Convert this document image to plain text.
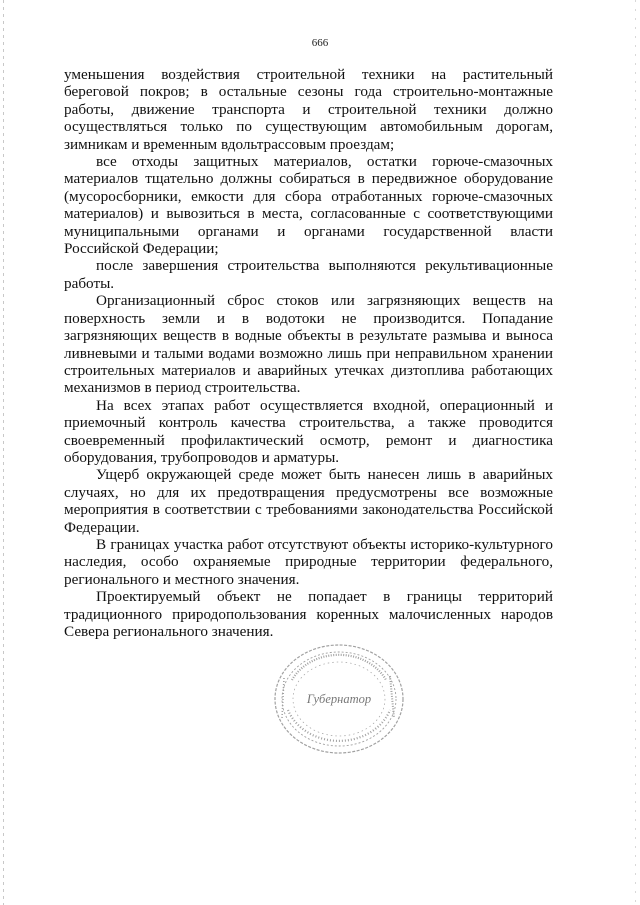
666

уменьшения воздействия строительной техники на растительный береговой покров; в остальные сезоны года строительно-монтажные работы, движение транспорта и строительной техники должно осуществляться только по существующим автомобильным дорогам, зимникам и временным вдольтрассовым проездам;

все отходы защитных материалов, остатки горюче-смазочных материалов тщательно должны собираться в передвижное оборудование (мусоросборники, емкости для сбора отработанных горюче-смазочных материалов) и вывозиться в места, согласованные с соответствующими муниципальными органами и органами государственной власти Российской Федерации;

после завершения строительства выполняются рекультивационные работы.

Организационный сброс стоков или загрязняющих веществ на поверхность земли и в водотоки не производится. Попадание загрязняющих веществ в водные объекты в результате размыва и выноса ливневыми и талыми водами возможно лишь при неправильном хранении строительных материалов и аварийных утечках дизтоплива работающих механизмов в период строительства.

На всех этапах работ осуществляется входной, операционный и приемочный контроль качества строительства, а также проводится своевременный профилактический осмотр, ремонт и диагностика оборудования, трубопроводов и арматуры.

Ущерб окружающей среде может быть нанесен лишь в аварийных случаях, но для их предотвращения предусмотрены все возможные мероприятия в соответствии с требованиями законодательства Российской Федерации.

В границах участка работ отсутствуют объекты историко-культурного наследия, особо охраняемые природные территории федерального, регионального и местного значения.

Проектируемый объект не попадает в границы территорий традиционного природопользования коренных малочисленных народов Севера регионального значения.

Губернатор
